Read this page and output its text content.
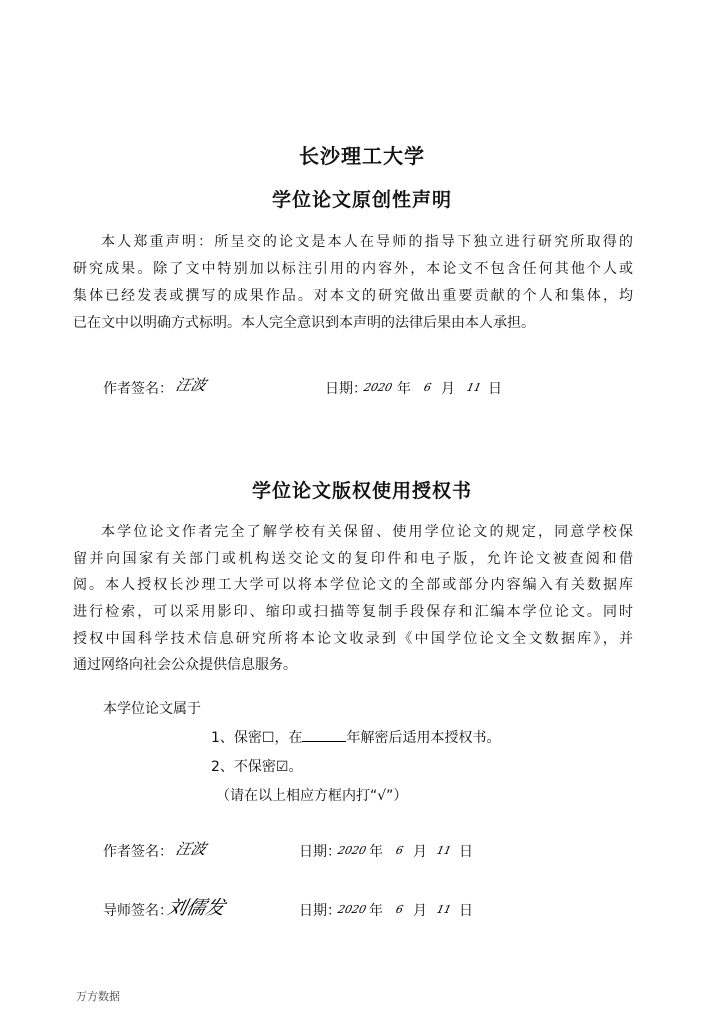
长沙理工大学
学位论文原创性声明
本人郑重声明：所呈交的论文是本人在导师的指导下独立进行研究所取得的
研究成果。除了文中特别加以标注引用的内容外，本论文不包含任何其他个人或
集体已经发表或撰写的成果作品。对本文的研究做出重要贡献的个人和集体，均
已在文中以明确方式标明。本人完全意识到本声明的法律后果由本人承担。
作者签名： 汪波	日期：
2020 年 6 月 11 日
学位论文版权使用授权书
本学位论文作者完全了解学校有关保留、使用学位论文的规定，同意学校保
留并向国家有关部门或机构送交论文的复印件和电子版，允许论文被查阅和借
阅。本人授权长沙理工大学可以将本学位论文的全部或部分内容编入有关数据库
进行检索，可以采用影印、缩印或扫描等复制手段保存和汇编本学位论文。同时
授权中国科学技术信息研究所将本论文收录到《中国学位论文全文数据库》，并
通过网络向社会公众提供信息服务。
本学位论文属于
1、保密☐，在	年解密后适用本授权书。
2、不保密☑。
（请在以上相应方框内打“√”）
作者签名： 汪波	日期：
2020 年 6 月 11 日
导师签名：
刘儒发	日期：
2020 年 6 月 11 日
万方数据
